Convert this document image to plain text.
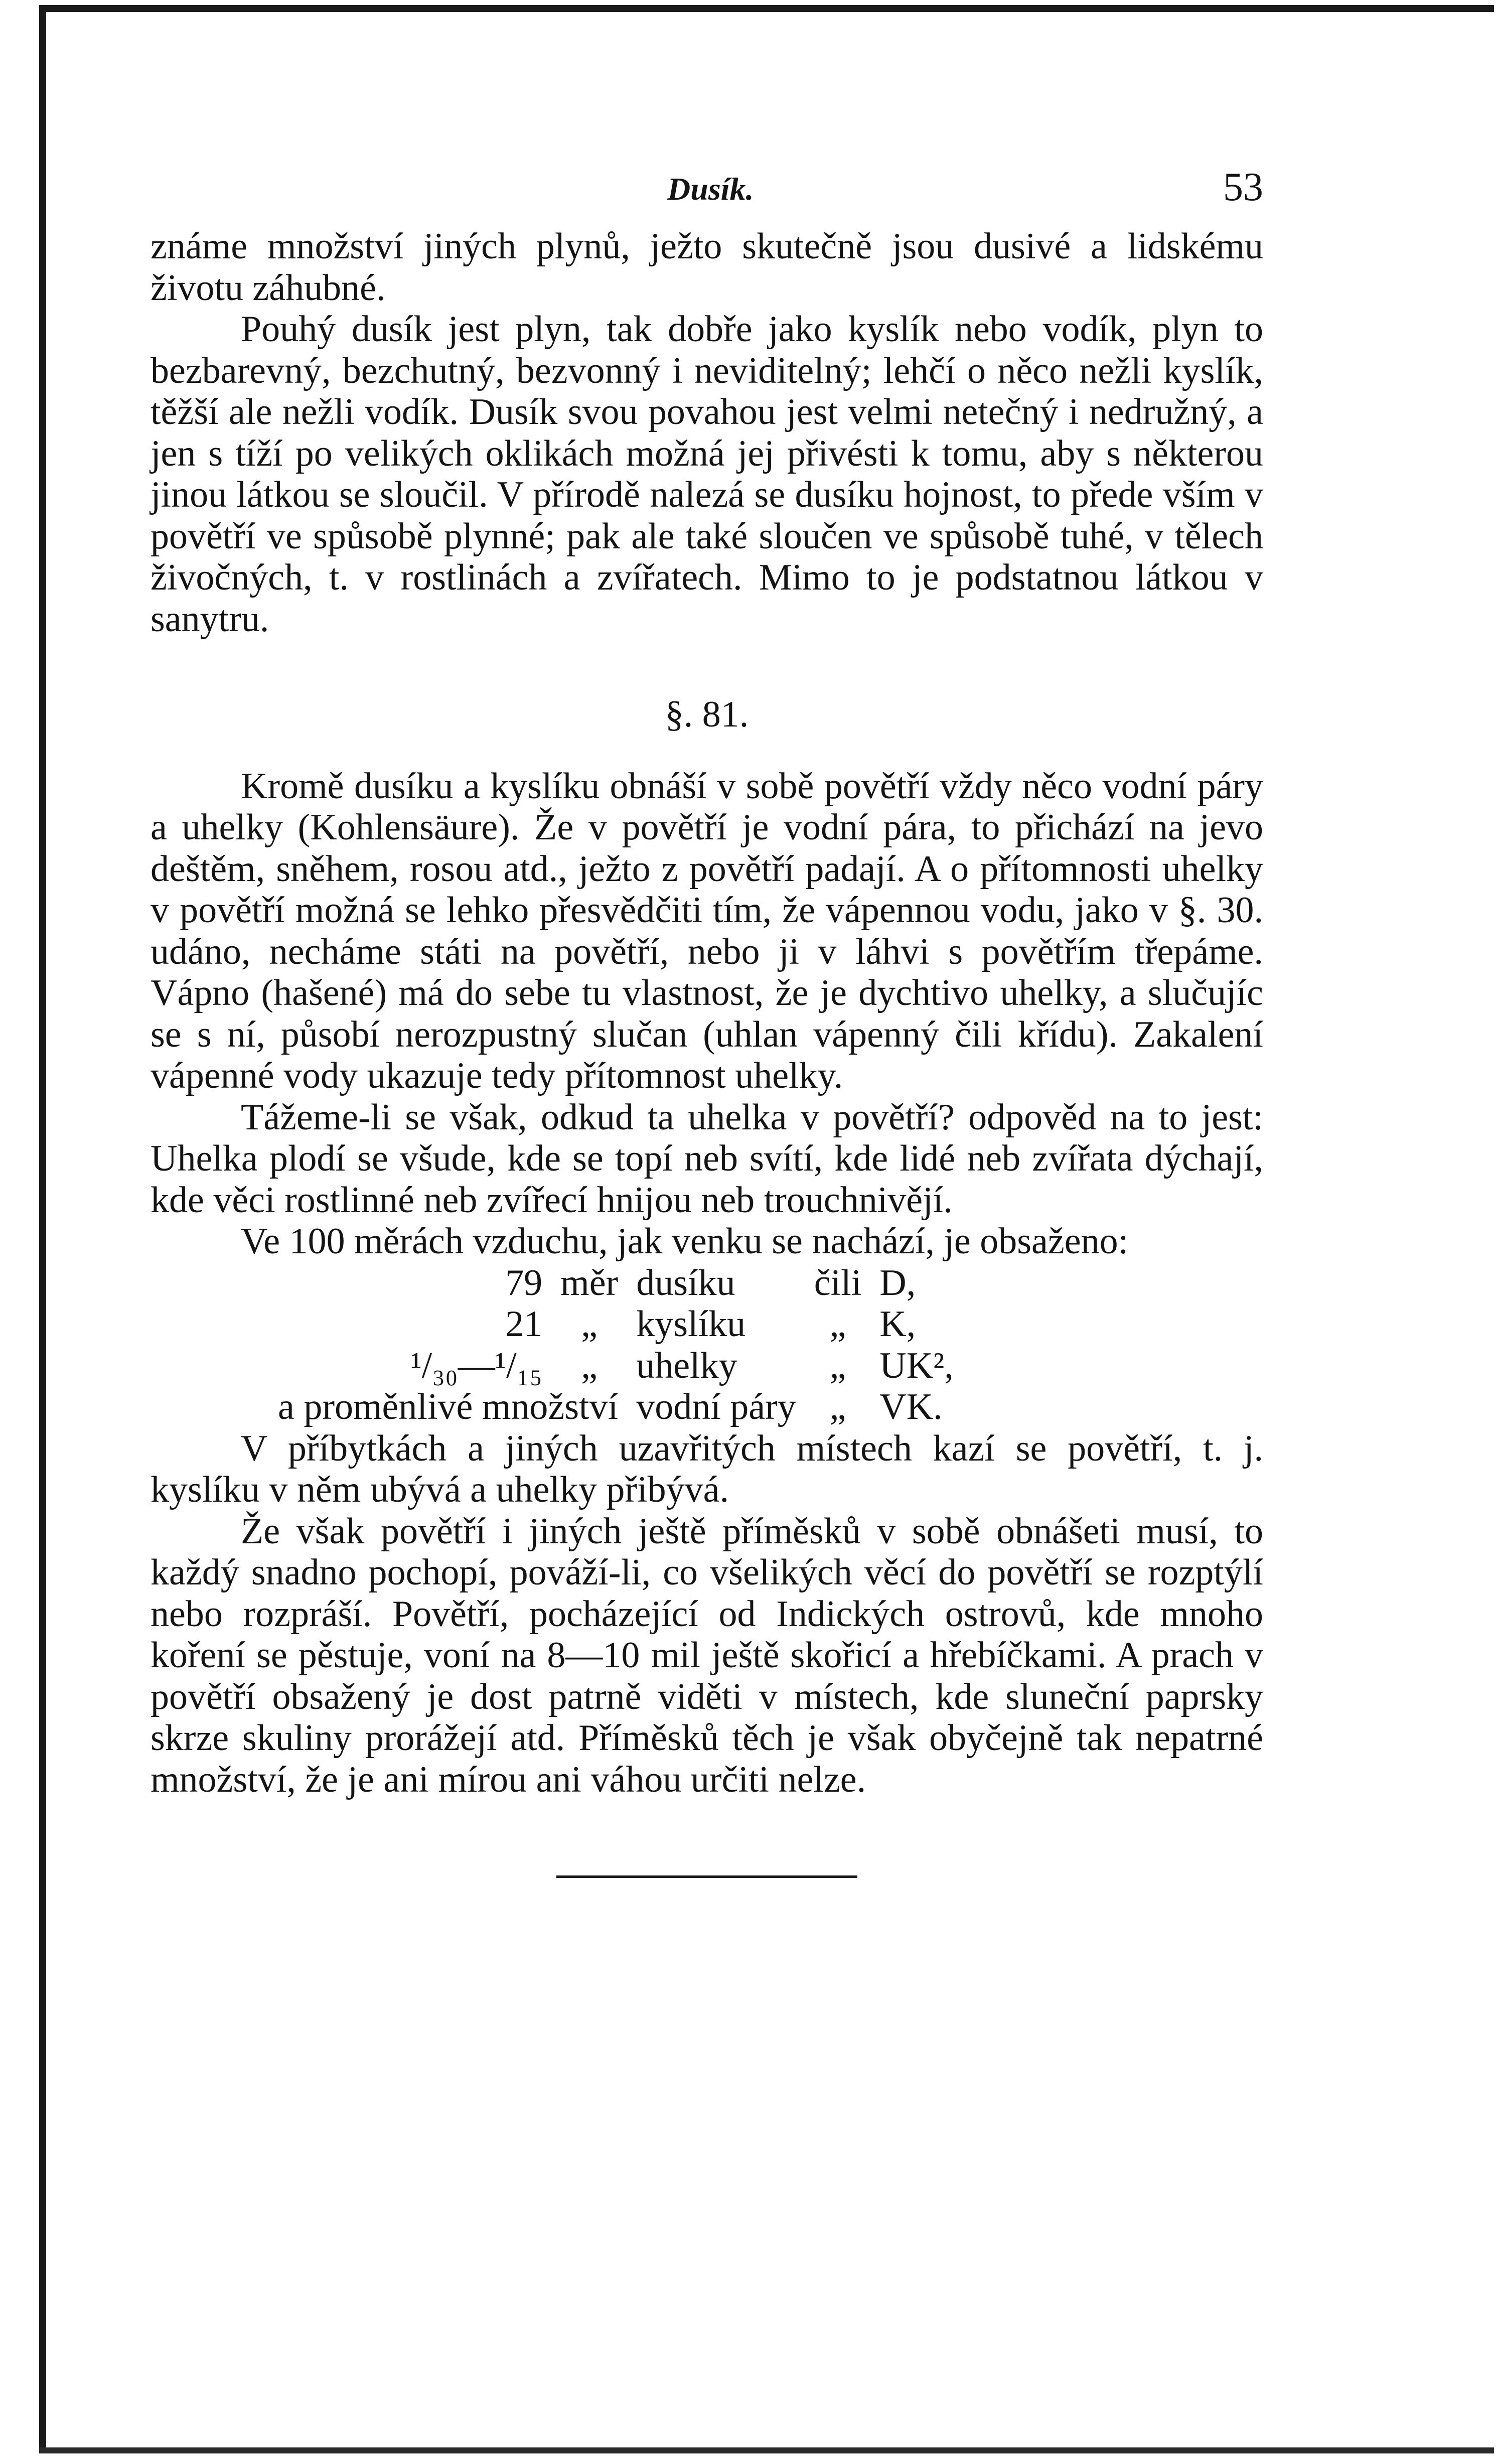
Dusík.	53

známe množství jiných plynů, ježto skutečně jsou dusivé a lidskému životu záhubné.

Pouhý dusík jest plyn, tak dobře jako kyslík nebo vodík, plyn to bezbarevný, bezchutný, bezvonný i neviditelný; lehčí o něco nežli kyslík, těžší ale nežli vodík. Dusík svou povahou jest velmi netečný i nedružný, a jen s tíží po velikých oklikách možná jej přivésti k tomu, aby s některou jinou látkou se sloučil. V přírodě nalezá se dusíku hojnost, to přede vším v povětří ve spůsobě plynné; pak ale také sloučen ve spůsobě tuhé, v tělech živočných, t. v rostlinách a zvířatech. Mimo to je podstatnou látkou v sanytru.

§. 81.

Kromě dusíku a kyslíku obnáší v sobě povětří vždy něco vodní páry a uhelky (Kohlensäure). Že v povětří je vodní pára, to přichází na jevo deštěm, sněhem, rosou atd., ježto z povětří padají. A o přítomnosti uhelky v povětří možná se lehko přesvědčiti tím, že vápennou vodu, jako v §. 30. udáno, necháme státi na povětří, nebo ji v láhvi s povětřím třepáme. Vápno (hašené) má do sebe tu vlastnost, že je dychtivo uhelky, a slučujíc se s ní, působí nerozpustný slučan (uhlan vápenný čili křídu). Zakalení vápenné vody ukazuje tedy přítomnost uhelky.

Tážeme-li se však, odkud ta uhelka v povětří? odpověd na to jest: Uhelka plodí se všude, kde se topí neb svítí, kde lidé neb zvířata dýchají, kde věci rostlinné neb zvířecí hnijou neb trouchnivějí.

Ve 100 měrách vzduchu, jak venku se nachází, je obsaženo:

79	měr	dusíku	čili	D,
21	„	kyslíku	„	K,
¹/₃₀—¹/₁₅	„	uhelky	„	UK²,
a proměnlivé množství		vodní páry	„	VK.

V příbytkách a jiných uzavřitých místech kazí se povětří, t. j. kyslíku v něm ubývá a uhelky přibývá.

Že však povětří i jiných ještě příměsků v sobě obnášeti musí, to každý snadno pochopí, pováží-li, co všelikých věcí do povětří se rozptýlí nebo rozpráší. Povětří, pocházející od Indických ostrovů, kde mnoho koření se pěstuje, voní na 8—10 mil ještě skořicí a hřebíčkami. A prach v povětří obsažený je dost patrně viděti v místech, kde sluneční paprsky skrze skuliny prorážejí atd. Příměsků těch je však obyčejně tak nepatrné množství, že je ani mírou ani váhou určiti nelze.
